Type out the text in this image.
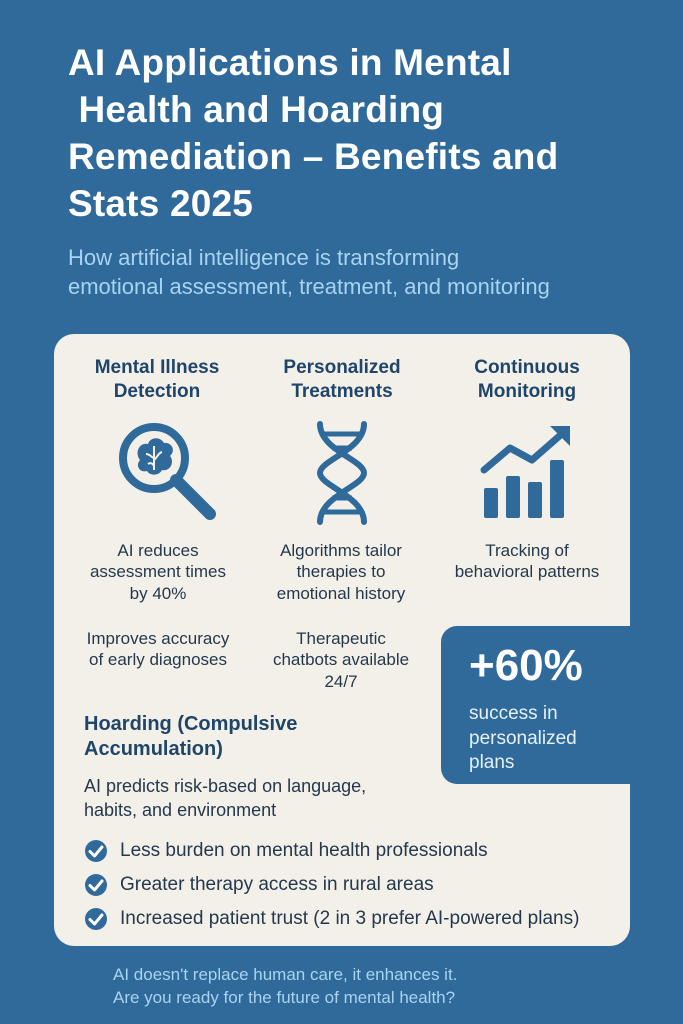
AI Applications in Mental
Health and Hoarding
Remediation – Benefits and
Stats 2025
How artificial intelligence is transforming
emotional assessment, treatment, and monitoring
Mental Illness
Detection
AI reduces
assessment times
by 40%
Improves accuracy
of early diagnoses
Personalized
Treatments
Algorithms tailor
therapies to
emotional history
Therapeutic
chatbots available
24/7
Continuous
Monitoring
Tracking of
behavioral patterns
Hoarding (Compulsive
Accumulation)
AI predicts risk-based on language,
habits, and environment
Less burden on mental health professionals
Greater therapy access in rural areas
Increased patient trust (2 in 3 prefer AI-powered plans)
+60%
success in
personalized
plans
AI doesn't replace human care, it enhances it.
Are you ready for the future of mental health?
